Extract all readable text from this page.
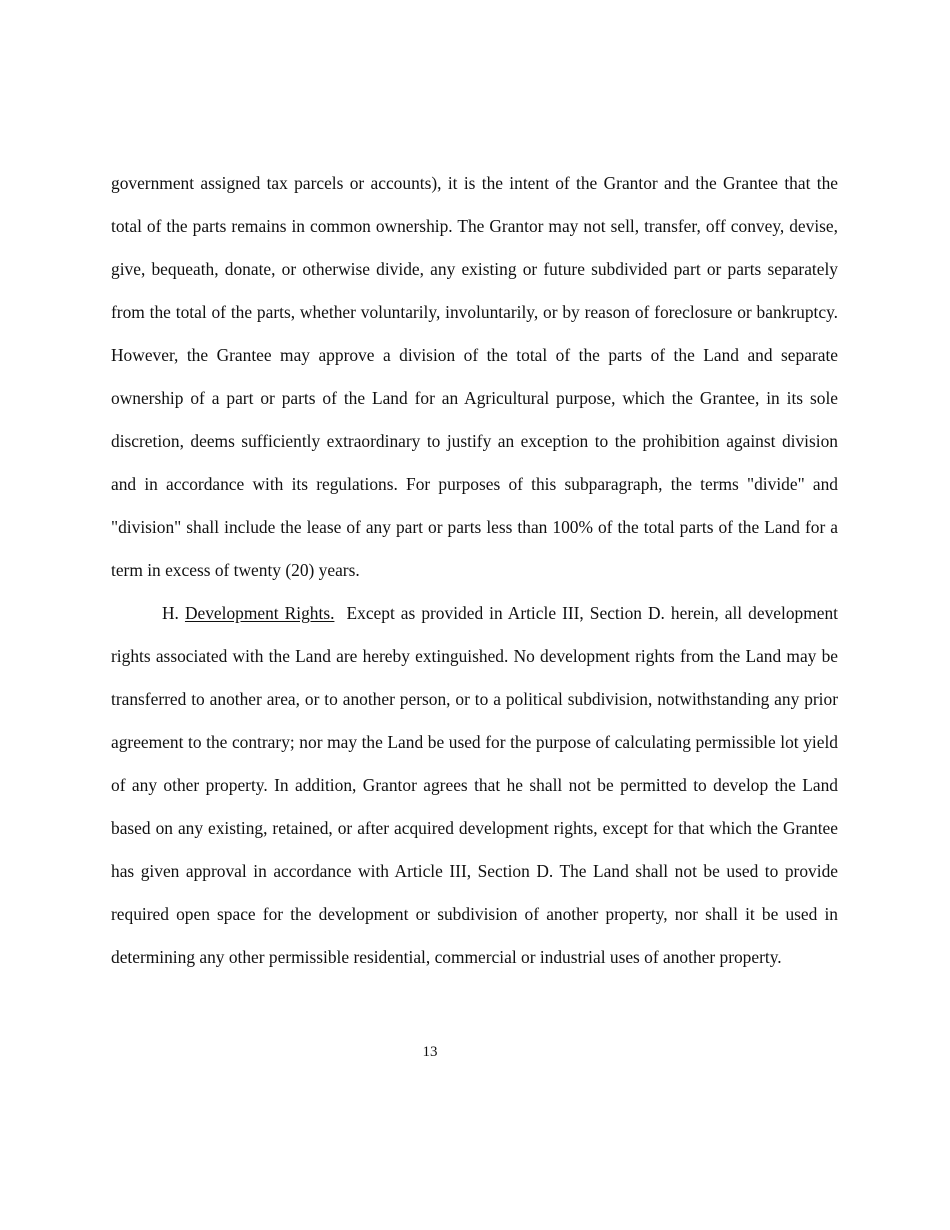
government assigned tax parcels or accounts), it is the intent of the Grantor and the Grantee that the total of the parts remains in common ownership. The Grantor may not sell, transfer, off convey, devise, give, bequeath, donate, or otherwise divide, any existing or future subdivided part or parts separately from the total of the parts, whether voluntarily, involuntarily, or by reason of foreclosure or bankruptcy. However, the Grantee may approve a division of the total of the parts of the Land and separate ownership of a part or parts of the Land for an Agricultural purpose, which the Grantee, in its sole discretion, deems sufficiently extraordinary to justify an exception to the prohibition against division and in accordance with its regulations. For purposes of this subparagraph, the terms "divide" and "division" shall include the lease of any part or parts less than 100% of the total parts of the Land for a term in excess of twenty (20) years.

H. Development Rights. Except as provided in Article III, Section D. herein, all development rights associated with the Land are hereby extinguished. No development rights from the Land may be transferred to another area, or to another person, or to a political subdivision, notwithstanding any prior agreement to the contrary; nor may the Land be used for the purpose of calculating permissible lot yield of any other property. In addition, Grantor agrees that he shall not be permitted to develop the Land based on any existing, retained, or after acquired development rights, except for that which the Grantee has given approval in accordance with Article III, Section D. The Land shall not be used to provide required open space for the development or subdivision of another property, nor shall it be used in determining any other permissible residential, commercial or industrial uses of another property.

13
